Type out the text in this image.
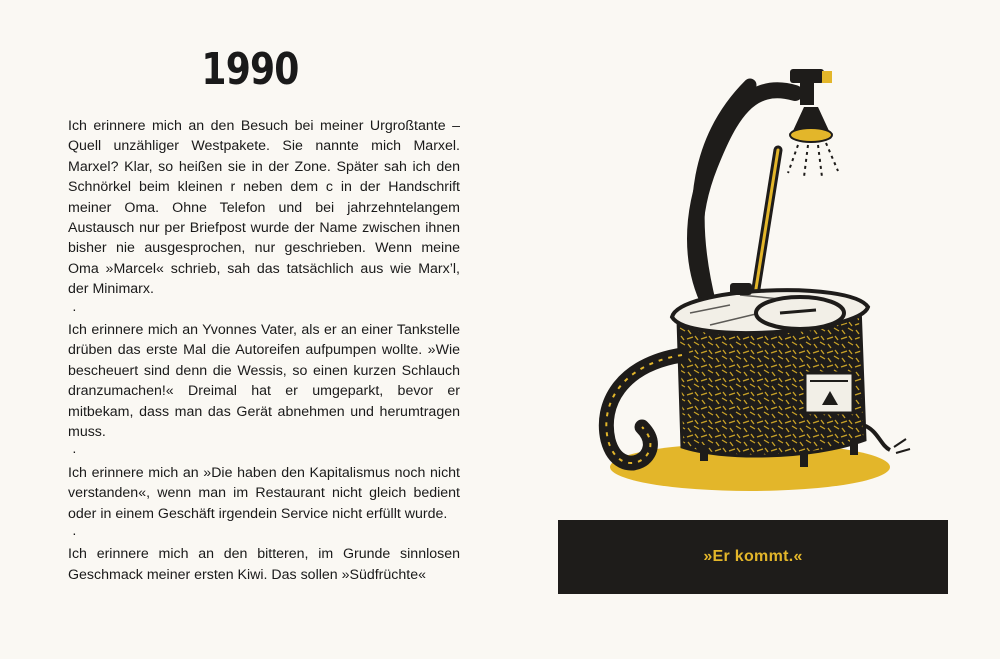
1990

Ich erinnere mich an den Besuch bei meiner Urgroßtante – Quell unzähliger Westpakete. Sie nannte mich Marxel. Marxel? Klar, so heißen sie in der Zone. Später sah ich den Schnörkel beim kleinen r neben dem c in der Handschrift meiner Oma. Ohne Telefon und bei jahrzehntelangem Austausch nur per Briefpost wurde der Name zwischen ihnen bisher nie ausgesprochen, nur geschrieben. Wenn meine Oma »Marcel« schrieb, sah das tatsächlich aus wie Marx’l, der Minimarx.

·

Ich erinnere mich an Yvonnes Vater, als er an einer Tankstelle drüben das erste Mal die Autoreifen aufpumpen wollte. »Wie bescheuert sind denn die Wessis, so einen kurzen Schlauch dranzumachen!« Dreimal hat er umgeparkt, bevor er mitbekam, dass man das Gerät abnehmen und herumtragen muss.

·

Ich erinnere mich an »Die haben den Kapitalismus noch nicht verstanden«, wenn man im Restaurant nicht gleich bedient oder in einem Geschäft irgendein Service nicht erfüllt wurde.

·

Ich erinnere mich an den bitteren, im Grunde sinnlosen Geschmack meiner ersten Kiwi. Das sollen »Südfrüchte«

»Er kommt.«
